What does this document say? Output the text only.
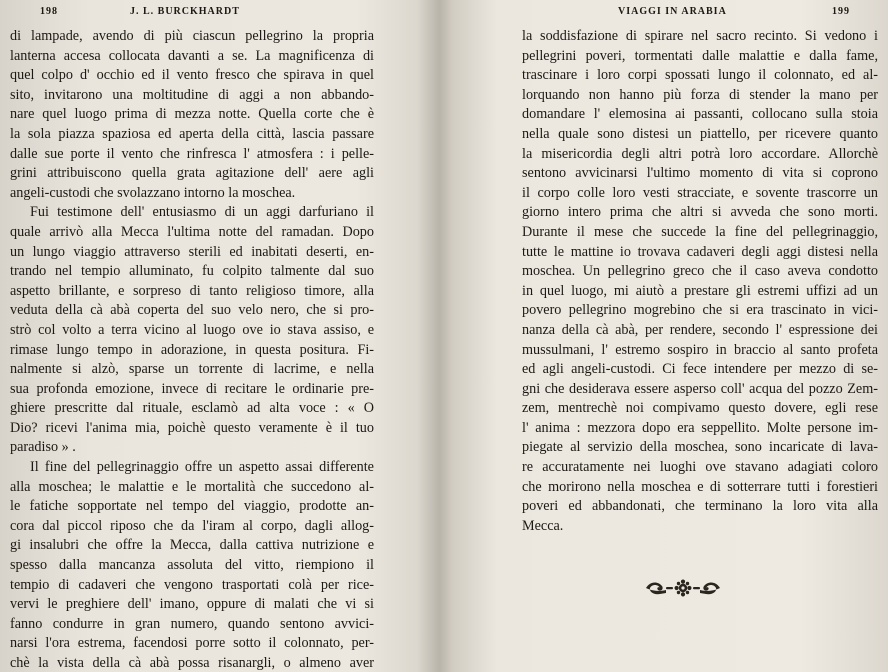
198	J. L. BURCKHARDT
di lampade, avendo di più ciascun pellegrino la propria
lanterna accesa collocata davanti a se. La magnificenza di
quel colpo d' occhio ed il vento fresco che spirava in quel
sito, invitarono una moltitudine di aggi a non abbando-
nare quel luogo prima di mezza notte. Quella corte che è
la sola piazza spaziosa ed aperta della città, lascia passare
dalle sue porte il vento che rinfresca l' atmosfera : i pelle-
grini attribuiscono quella grata agitazione dell' aere agli
angeli-custodi che svolazzano intorno la moschea.
Fui testimone dell' entusiasmo di un aggi darfuriano il
quale arrivò alla Mecca l'ultima notte del ramadan. Dopo
un lungo viaggio attraverso sterili ed inabitati deserti, en-
trando nel tempio alluminato, fu colpito talmente dal suo
aspetto brillante, e sorpreso di tanto religioso timore, alla
veduta della cà abà coperta del suo velo nero, che si pro-
strò col volto a terra vicino al luogo ove io stava assiso, e
rimase lungo tempo in adorazione, in questa positura. Fi-
nalmente si alzò, sparse un torrente di lacrime, e nella
sua profonda emozione, invece di recitare le ordinarie pre-
ghiere prescritte dal rituale, esclamò ad alta voce : « O
Dio? ricevi l'anima mia, poichè questo veramente è il tuo
paradiso » .
Il fine del pellegrinaggio offre un aspetto assai differente
alla moschea; le malattie e le mortalità che succedono al-
le fatiche sopportate nel tempo del viaggio, prodotte an-
cora dal piccol riposo che da l'iram al corpo, dagli allog-
gi insalubri che offre la Mecca, dalla cattiva nutrizione e
spesso dalla mancanza assoluta del vitto, riempiono il
tempio di cadaveri che vengono trasportati colà per rice-
vervi le preghiere dell' imano, oppure di malati che vi si
fanno condurre in gran numero, quando sentono avvici-
narsi l'ora estrema, facendosi porre sotto il colonnato, per-
chè la vista della cà abà possa risanargli, o almeno aver
VIAGGI IN ARABIA	199
la soddisfazione di spirare nel sacro recinto. Si vedono i
pellegrini poveri, tormentati dalle malattie e dalla fame,
trascinare i loro corpi spossati lungo il colonnato, ed al-
lorquando non hanno più forza di stender la mano per
domandare l' elemosina ai passanti, collocano sulla stoia
nella quale sono distesi un piattello, per ricevere quanto
la misericordia degli altri potrà loro accordare. Allorchè
sentono avvicinarsi l'ultimo momento di vita si coprono
il corpo colle loro vesti stracciate, e sovente trascorre un
giorno intero prima che altri si avveda che sono morti.
Durante il mese che succede la fine del pellegrinaggio,
tutte le mattine io trovava cadaveri degli aggi distesi nella
moschea. Un pellegrino greco che il caso aveva condotto
in quel luogo, mi aiutò a prestare gli estremi uffizi ad un
povero pellegrino mogrebino che si era trascinato in vici-
nanza della cà abà, per rendere, secondo l' espressione dei
mussulmani, l' estremo sospiro in braccio al santo profeta
ed agli angeli-custodi. Ci fece intendere per mezzo di se-
gni che desiderava essere asperso coll' acqua del pozzo Zem-
zem, mentrechè noi compivamo questo dovere, egli rese
l' anima : mezzora dopo era seppellito. Molte persone im-
piegate al servizio della moschea, sono incaricate di lava-
re accuratamente nei luoghi ove stavano adagiati coloro
che morirono nella moschea e di sotterrare tutti i forestieri
poveri ed abbandonati, che terminano la loro vita alla
Mecca.
